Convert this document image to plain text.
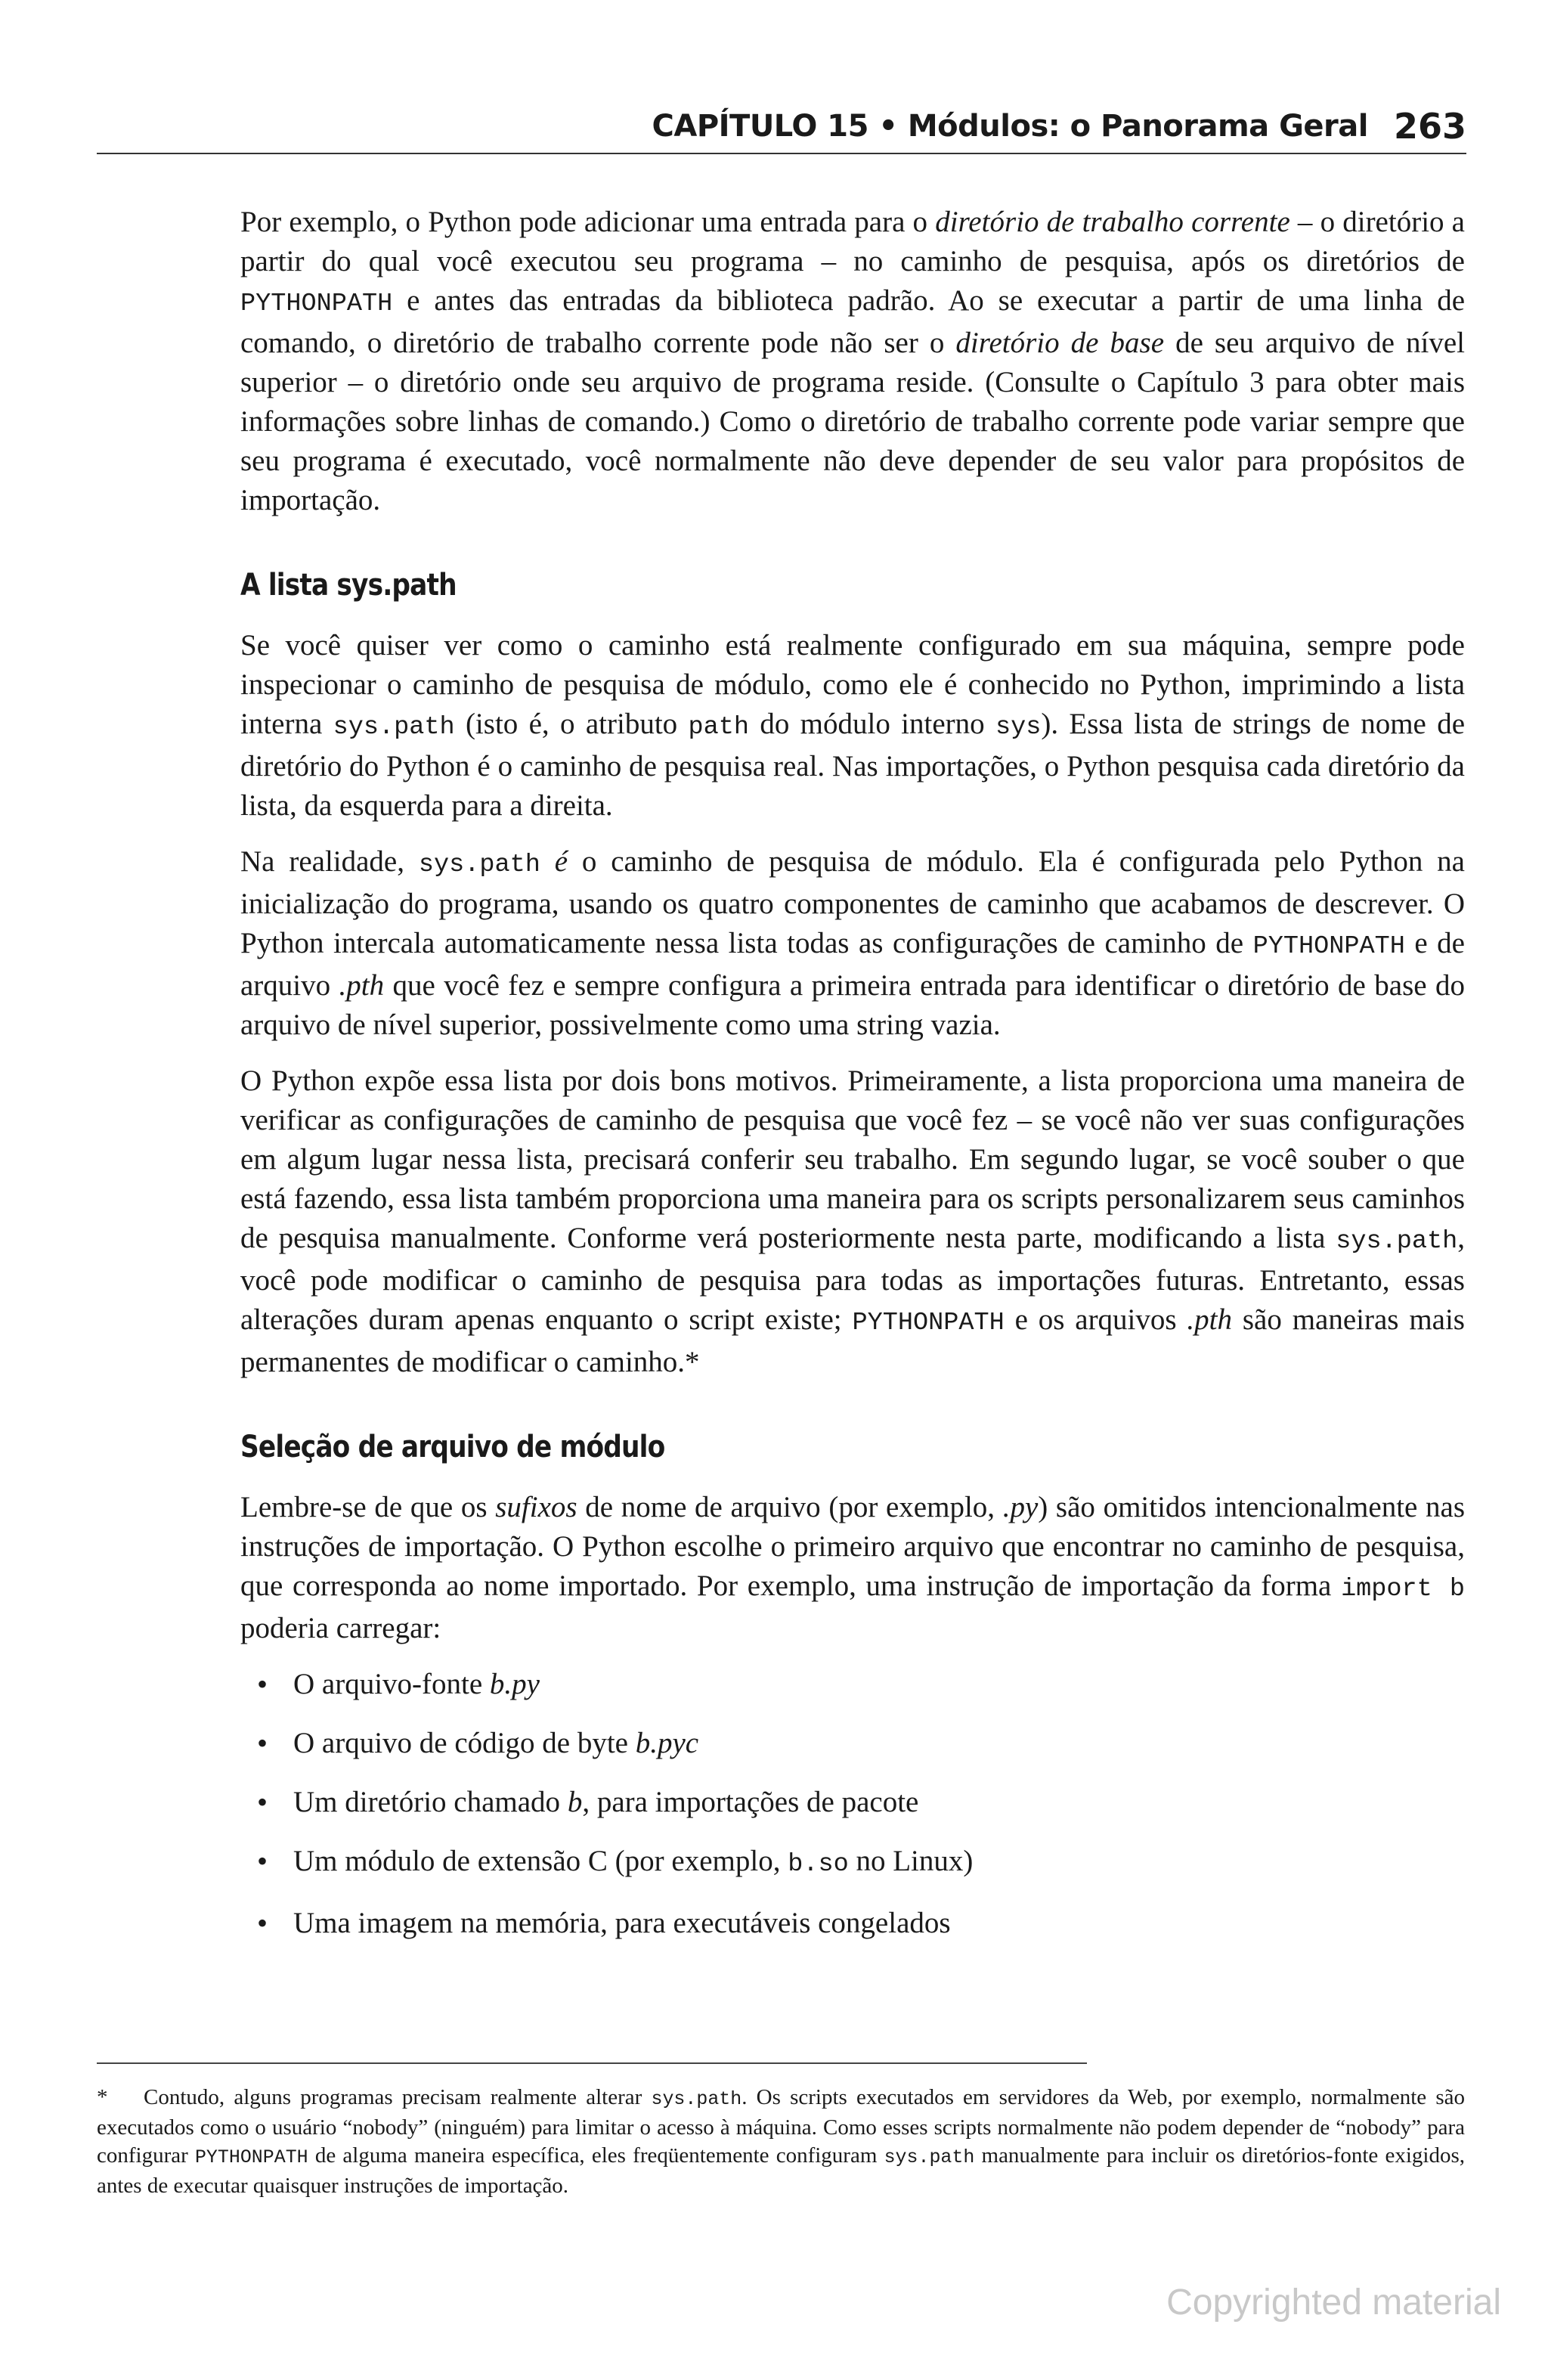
CAPÍTULO 15 • Módulos: o Panorama Geral 263

Por exemplo, o Python pode adicionar uma entrada para o diretório de trabalho corrente – o diretório a partir do qual você executou seu programa – no caminho de pesquisa, após os diretórios de PYTHONPATH e antes das entradas da biblioteca padrão. Ao se executar a partir de uma linha de comando, o diretório de trabalho corrente pode não ser o diretório de base de seu arquivo de nível superior – o diretório onde seu arquivo de programa reside. (Consulte o Capítulo 3 para obter mais informações sobre linhas de comando.) Como o diretório de trabalho corrente pode variar sempre que seu programa é executado, você normalmente não deve depender de seu valor para propósitos de importação.

A lista sys.path

Se você quiser ver como o caminho está realmente configurado em sua máquina, sempre pode inspecionar o caminho de pesquisa de módulo, como ele é conhecido no Python, imprimindo a lista interna sys.path (isto é, o atributo path do módulo interno sys). Essa lista de strings de nome de diretório do Python é o caminho de pesquisa real. Nas importações, o Python pesquisa cada diretório da lista, da esquerda para a direita.

Na realidade, sys.path é o caminho de pesquisa de módulo. Ela é configurada pelo Python na inicialização do programa, usando os quatro componentes de caminho que acabamos de descrever. O Python intercala automaticamente nessa lista todas as configurações de caminho de PYTHONPATH e de arquivo .pth que você fez e sempre configura a primeira entrada para identificar o diretório de base do arquivo de nível superior, possivelmente como uma string vazia.

O Python expõe essa lista por dois bons motivos. Primeiramente, a lista proporciona uma maneira de verificar as configurações de caminho de pesquisa que você fez – se você não ver suas configurações em algum lugar nessa lista, precisará conferir seu trabalho. Em segundo lugar, se você souber o que está fazendo, essa lista também proporciona uma maneira para os scripts personalizarem seus caminhos de pesquisa manualmente. Conforme verá posteriormente nesta parte, modificando a lista sys.path, você pode modificar o caminho de pesquisa para todas as importações futuras. Entretanto, essas alterações duram apenas enquanto o script existe; PYTHONPATH e os arquivos .pth são maneiras mais permanentes de modificar o caminho.*

Seleção de arquivo de módulo

Lembre-se de que os sufixos de nome de arquivo (por exemplo, .py) são omitidos intencionalmente nas instruções de importação. O Python escolhe o primeiro arquivo que encontrar no caminho de pesquisa, que corresponda ao nome importado. Por exemplo, uma instrução de importação da forma import b poderia carregar:

• O arquivo-fonte b.py
• O arquivo de código de byte b.pyc
• Um diretório chamado b, para importações de pacote
• Um módulo de extensão C (por exemplo, b.so no Linux)
• Uma imagem na memória, para executáveis congelados
* Contudo, alguns programas precisam realmente alterar sys.path. Os scripts executados em servidores da Web, por exemplo, normalmente são executados como o usuário “nobody” (ninguém) para limitar o acesso à máquina. Como esses scripts normalmente não podem depender de “nobody” para configurar PYTHONPATH de alguma maneira específica, eles freqüentemente configuram sys.path manualmente para incluir os diretórios-fonte exigidos, antes de executar quaisquer instruções de importação.
Copyrighted material
